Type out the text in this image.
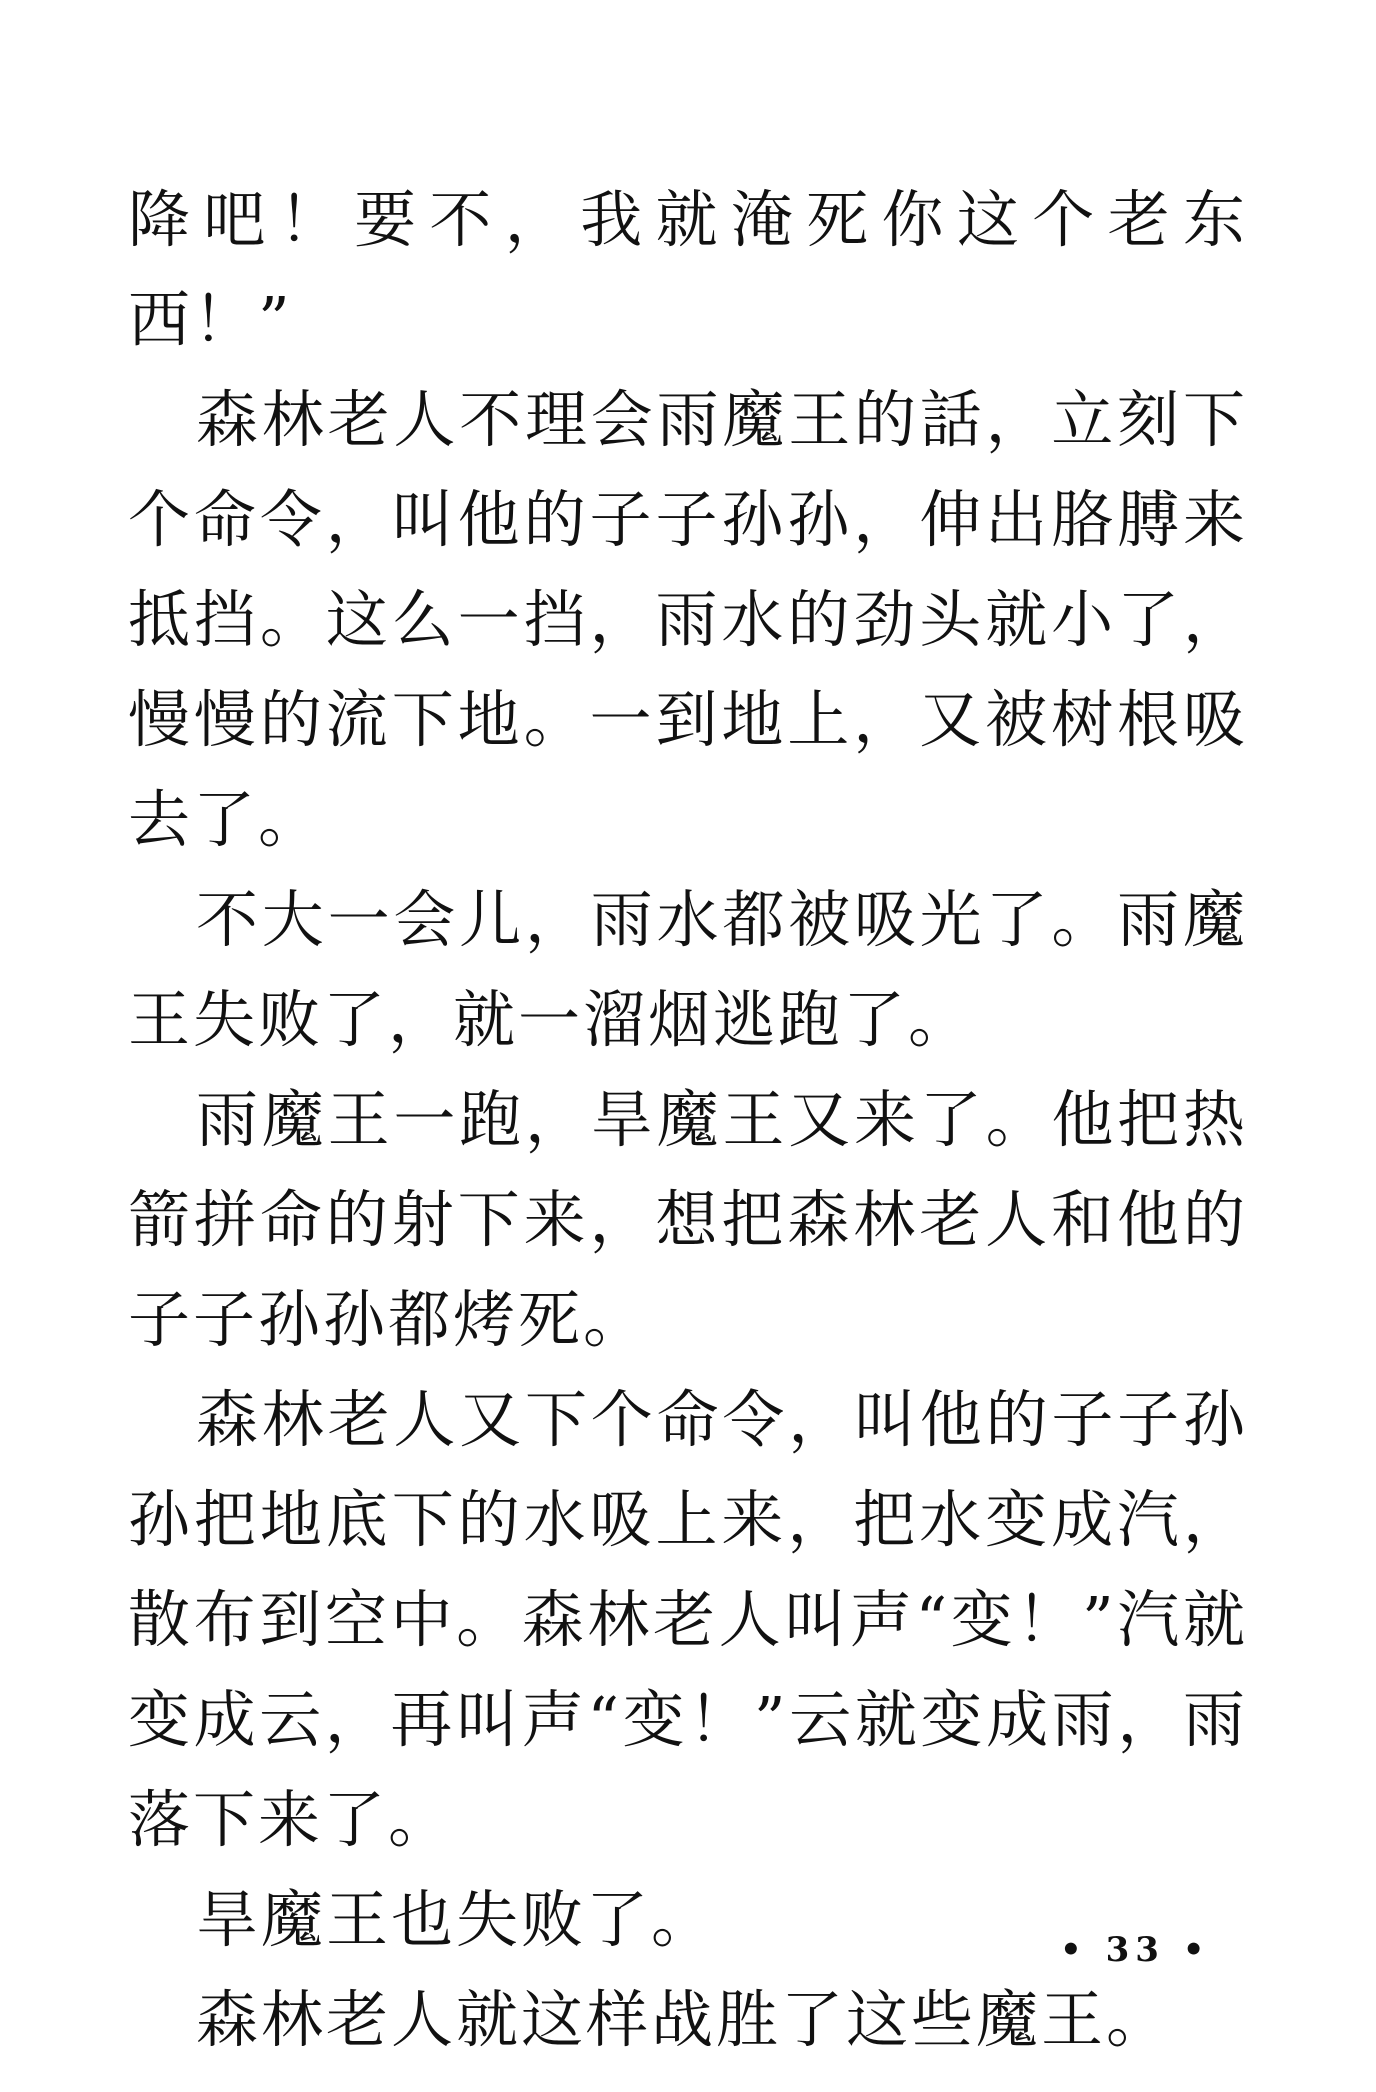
降吧！要不，我就淹死你这个老东西！”

森林老人不理会雨魔王的話，立刻下个命令，叫他的子子孙孙，伸出胳膊来抵挡。这么一挡，雨水的劲头就小了，慢慢的流下地。一到地上，又被树根吸去了。

不大一会儿，雨水都被吸光了。雨魔王失败了，就一溜烟逃跑了。

雨魔王一跑，旱魔王又来了。他把热箭拼命的射下来，想把森林老人和他的子子孙孙都烤死。

森林老人又下个命令，叫他的子子孙孙把地底下的水吸上来，把水变成汽，散布到空中。森林老人叫声“变！”汽就变成云，再叫声“变！”云就变成雨，雨落下来了。

旱魔王也失败了。

森林老人就这样战胜了这些魔王。

• 33 •
